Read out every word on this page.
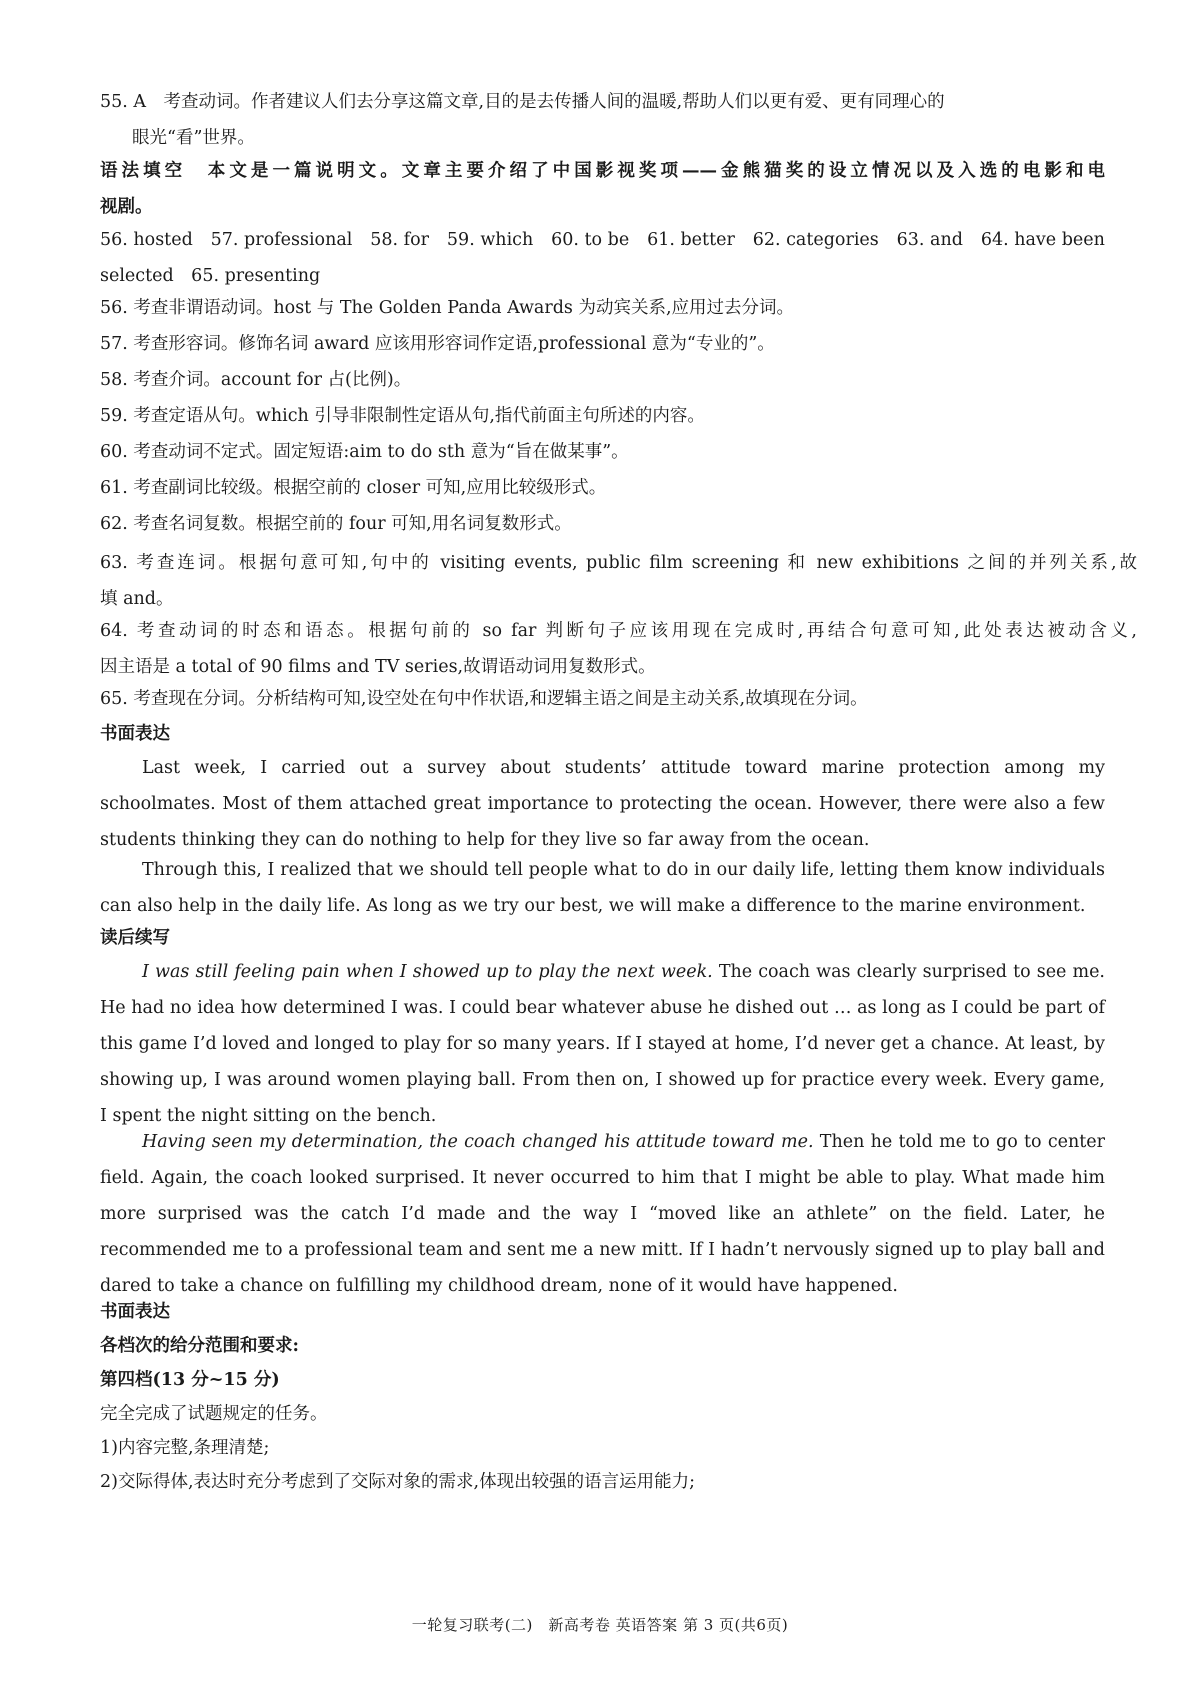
55. A　考查动词。作者建议人们去分享这篇文章,目的是去传播人间的温暖,帮助人们以更有爱、更有同理心的
眼光“看”世界。
语法填空　本文是一篇说明文。文章主要介绍了中国影视奖项——金熊猫奖的设立情况以及入选的电影和电
视剧。
56. hosted 57. professional 58. for 59. which 60. to be 61. better 62. categories 63. and 64. have been
selected 65. presenting
56. 考查非谓语动词。host 与 The Golden Panda Awards 为动宾关系,应用过去分词。
57. 考查形容词。修饰名词 award 应该用形容词作定语,professional 意为“专业的”。
58. 考查介词。account for 占(比例)。
59. 考查定语从句。which 引导非限制性定语从句,指代前面主句所述的内容。
60. 考查动词不定式。固定短语:aim to do sth 意为“旨在做某事”。
61. 考查副词比较级。根据空前的 closer 可知,应用比较级形式。
62. 考查名词复数。根据空前的 four 可知,用名词复数形式。
63. 考查连词。根据句意可知,句中的 visiting events, public film screening 和 new exhibitions 之间的并列关系,故
填 and。
64. 考查动词的时态和语态。根据句前的 so far 判断句子应该用现在完成时,再结合句意可知,此处表达被动含义,
因主语是 a total of 90 films and TV series,故谓语动词用复数形式。
65. 考查现在分词。分析结构可知,设空处在句中作状语,和逻辑主语之间是主动关系,故填现在分词。
书面表达
Last week, I carried out a survey about students’ attitude toward marine protection among my schoolmates. Most of them attached great importance to protecting the ocean. However, there were also a few students thinking they can do nothing to help for they live so far away from the ocean.
Through this, I realized that we should tell people what to do in our daily life, letting them know individuals can also help in the daily life. As long as we try our best, we will make a difference to the marine environment.
读后续写
I was still feeling pain when I showed up to play the next week. The coach was clearly surprised to see me. He had no idea how determined I was. I could bear whatever abuse he dished out … as long as I could be part of this game I’d loved and longed to play for so many years. If I stayed at home, I’d never get a chance. At least, by showing up, I was around women playing ball. From then on, I showed up for practice every week. Every game, I spent the night sitting on the bench.
Having seen my determination, the coach changed his attitude toward me. Then he told me to go to center field. Again, the coach looked surprised. It never occurred to him that I might be able to play. What made him more surprised was the catch I’d made and the way I “moved like an athlete” on the field. Later, he recommended me to a professional team and sent me a new mitt. If I hadn’t nervously signed up to play ball and dared to take a chance on fulfilling my childhood dream, none of it would have happened.
书面表达
各档次的给分范围和要求:
第四档(13 分~15 分)
完全完成了试题规定的任务。
1)内容完整,条理清楚;
2)交际得体,表达时充分考虑到了交际对象的需求,体现出较强的语言运用能力;
一轮复习联考(二)　新高考卷 英语答案 第 3 页(共6页)
